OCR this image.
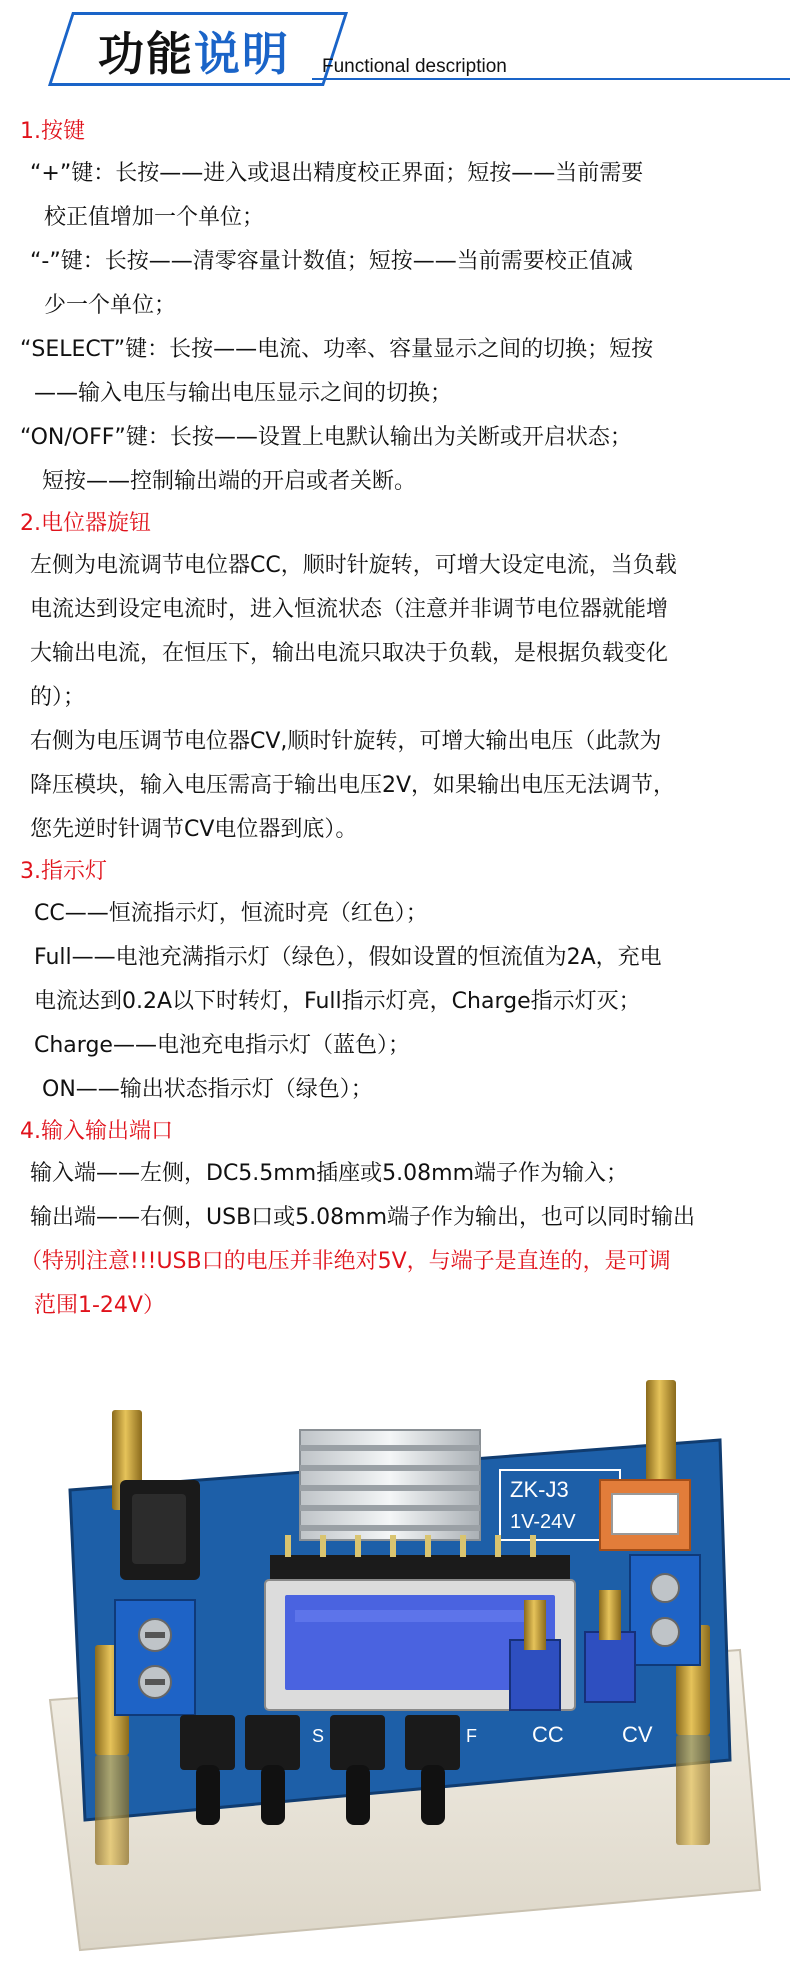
功能说明 Functional description
1.按键
“+”键：长按——进入或退出精度校正界面；短按——当前需要
校正值增加一个单位；
“-”键：长按——清零容量计数值；短按——当前需要校正值减
少一个单位；
“SELECT”键：长按——电流、功率、容量显示之间的切换；短按
——输入电压与输出电压显示之间的切换；
“ON/OFF”键：长按——设置上电默认输出为关断或开启状态；
短按——控制输出端的开启或者关断。
2.电位器旋钮
左侧为电流调节电位器CC，顺时针旋转，可增大设定电流，当负载
电流达到设定电流时，进入恒流状态（注意并非调节电位器就能增
大输出电流，在恒压下，输出电流只取决于负载，是根据负载变化
的）；
右侧为电压调节电位器CV,顺时针旋转，可增大输出电压（此款为
降压模块，输入电压需高于输出电压2V，如果输出电压无法调节，
您先逆时针调节CV电位器到底）。
3.指示灯
CC——恒流指示灯，恒流时亮（红色）；
Full——电池充满指示灯（绿色），假如设置的恒流值为2A，充电
电流达到0.2A以下时转灯，Full指示灯亮，Charge指示灯灭；
Charge——电池充电指示灯（蓝色）；
ON——输出状态指示灯（绿色）；
4.输入输出端口
输入端——左侧，DC5.5mm插座或5.08mm端子作为输入；
输出端——右侧，USB口或5.08mm端子作为输出，也可以同时输出
（特别注意!!!USB口的电压并非绝对5V，与端子是直连的，是可调
范围1-24V）
ZK-J3
1V-24V
CC	CV
S	F
